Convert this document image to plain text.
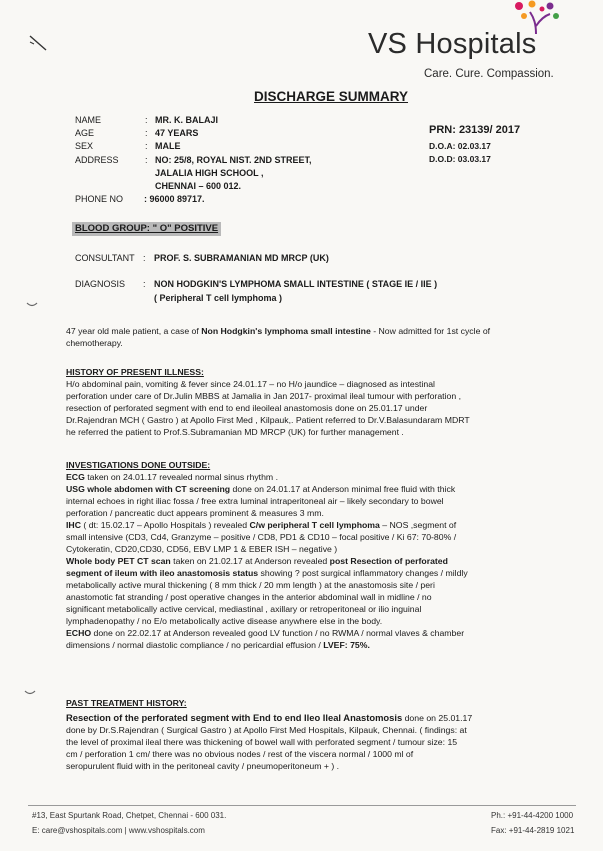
VS Hospitals
Care. Cure. Compassion.
DISCHARGE SUMMARY
NAME	: MR. K. BALAJI
AGE	: 47 YEARS
SEX	: MALE
ADDRESS	: NO: 25/8, ROYAL NIST. 2ND STREET,
JALALIA HIGH SCHOOL ,
CHENNAI – 600 012.
PHONE NO : 96000 89717.
PRN: 23139/ 2017
D.O.A: 02.03.17
D.O.D: 03.03.17
BLOOD GROUP: " O" POSITIVE
CONSULTANT : PROF. S. SUBRAMANIAN MD MRCP (UK)
DIAGNOSIS : NON HODGKIN'S LYMPHOMA SMALL INTESTINE ( STAGE IE / IIE )
( Peripheral T cell lymphoma )

47 year old male patient, a case of Non Hodgkin's lymphoma small intestine - Now admitted for 1st cycle of chemotherapy.

HISTORY OF PRESENT ILLNESS:

H/o abdominal pain, vomiting & fever since 24.01.17 – no H/o jaundice – diagnosed as intestinal

perforation under care of Dr.Julin MBBS at Jamalia in Jan 2017- proximal ileal tumour with perforation ,

resection of perforated segment with end to end ileoileal anastomosis done on 25.01.17 under

Dr.Rajendran MCH ( Gastro ) at Apollo First Med , Kilpauk,. Patient referred to Dr.V.Balasundaram MDRT

he referred the patient to Prof.S.Subramanian MD MRCP (UK) for further management .

INVESTIGATIONS DONE OUTSIDE:

ECG taken on 24.01.17 revealed normal sinus rhythm .

USG whole abdomen with CT screening done on 24.01.17 at Anderson minimal free fluid with thick

internal echoes in right iliac fossa / free extra luminal intraperitoneal air – likely secondary to bowel

perforation / pancreatic duct appears prominent & measures 3 mm.

IHC ( dt: 15.02.17 – Apollo Hospitals ) revealed C/w peripheral T cell lymphoma – NOS ,segment of

small intensive (CD3, Cd4, Granzyme – positive / CD8, PD1 & CD10 – focal positive / Ki 67: 70-80% /

Cytokeratin, CD20,CD30, CD56, EBV LMP 1 & EBER ISH – negative )

Whole body PET CT scan taken on 21.02.17 at Anderson revealed post Resection of perforated

segment of ileum with ileo anastomosis status showing ? post surgical inflammatory changes / mildly

metabolically active mural thickening ( 8 mm thick / 20 mm length ) at the anastomosis site / peri

anastomotic fat stranding / post operative changes in the anterior abdominal wall in midline / no

significant metabolically active cervical, mediastinal , axillary or retroperitoneal or ilio inguinal

lymphadenopathy / no E/o metabolically active disease anywhere else in the body.

ECHO done on 22.02.17 at Anderson revealed good LV function / no RWMA / normal vlaves & chamber

dimensions / normal diastolic compliance / no pericardial effusion / LVEF: 75%.

PAST TREATMENT HISTORY:

Resection of the perforated segment with End to end Ileo Ileal Anastomosis done on 25.01.17

done by Dr.S.Rajendran ( Surgical Gastro ) at Apollo First Med Hospitals, Kilpauk, Chennai. ( findings: at

the level of proximal ileal there was thickening of bowel wall with perforated segment / tumour size: 15

cm / perforation 1 cm/ there was no obvious nodes / rest of the viscera normal / 1000 ml of

seropurulent fluid with in the peritoneal cavity / pneumoperitoneum + ) .

#13, East Spurtank Road, Chetpet, Chennai - 600 031.
E: care@vshospitals.com | www.vshospitals.com
Ph.: +91-44-4200 1000
Fax: +91-44-2819 1021
